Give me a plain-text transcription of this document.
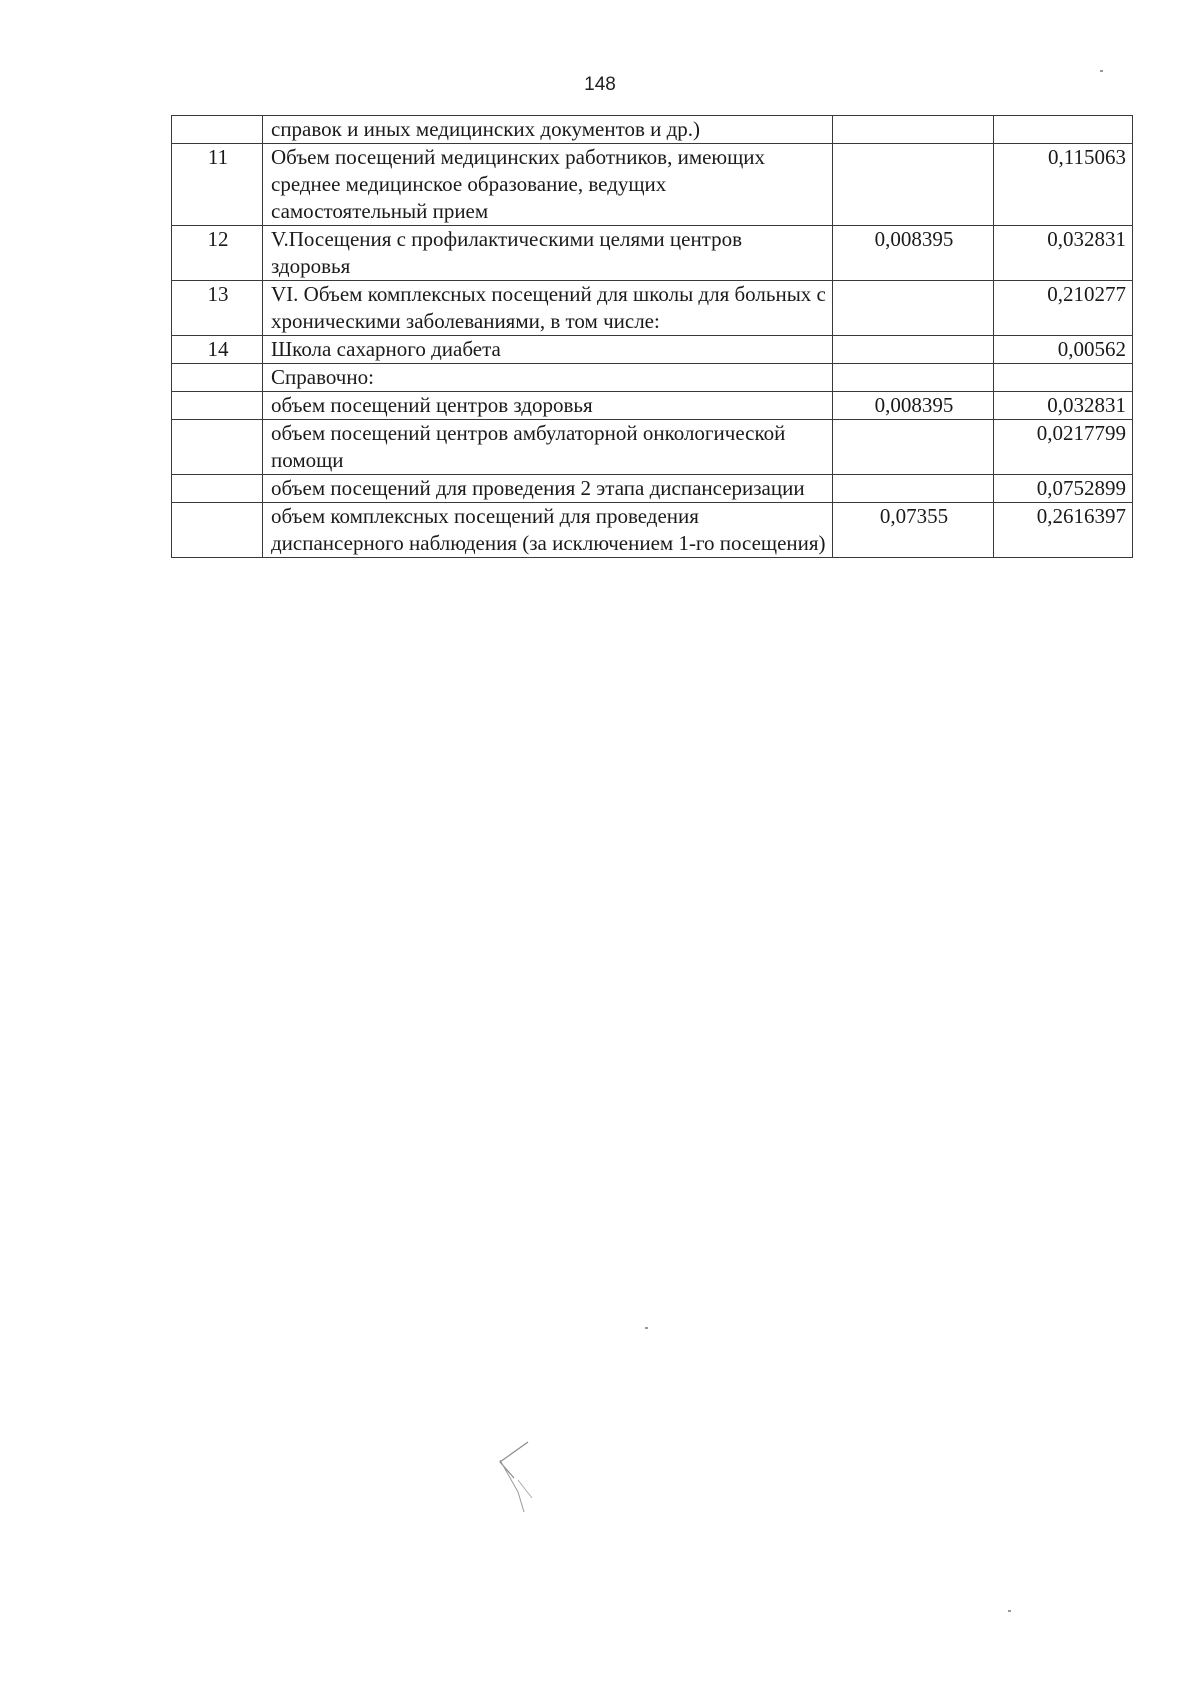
148
	справок и иных медицинских документов и др.)		
11	Объем посещений медицинских работников, имеющих среднее медицинское образование, ведущих самостоятельный прием		0,115063
12	V.Посещения с профилактическими целями центров здоровья	0,008395	0,032831
13	VI. Объем комплексных посещений для школы для больных с хроническими заболеваниями, в том числе:		0,210277
14	Школа сахарного диабета		0,00562
	Справочно:		
	объем посещений центров здоровья	0,008395	0,032831
	объем посещений центров амбулаторной онкологической помощи		0,0217799
	объем посещений для проведения 2 этапа диспансеризации		0,0752899
	объем комплексных посещений для проведения диспансерного наблюдения (за исключением 1-го посещения)	0,07355	0,2616397
